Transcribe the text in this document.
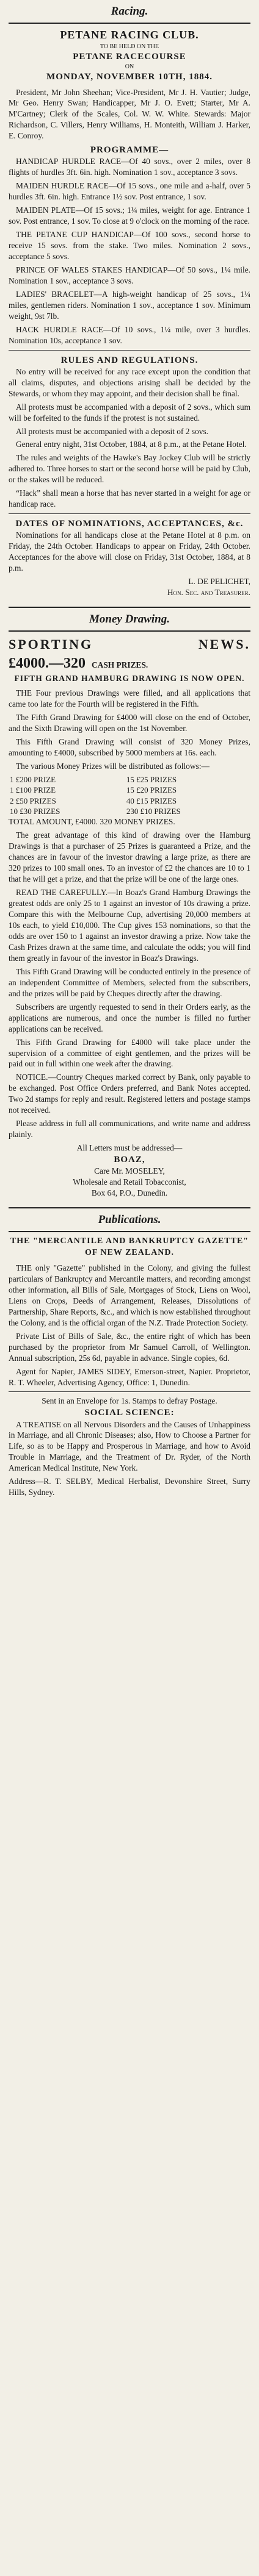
Racing.
PETANE RACING CLUB.
TO BE HELD ON THE
PETANE RACECOURSE
ON
MONDAY, NOVEMBER 10TH, 1884.

President, Mr John Sheehan; Vice-President, Mr J. H. Vautier; Judge, Mr Geo. Henry Swan; Handicapper, Mr J. O. Evett; Starter, Mr A. M'Cartney; Clerk of the Scales, Col. W. W. White. Stewards: Major Richardson, C. Villers, Henry Williams, H. Monteith, William J. Harker, E. Conroy.

PROGRAMME—

HANDICAP HURDLE RACE—Of 40 sovs., over 2 miles, over 8 flights of hurdles 3ft. 6in. high. Nomination 1 sov., acceptance 3 sovs.

MAIDEN HURDLE RACE—Of 15 sovs., one mile and a-half, over 5 hurdles 3ft. 6in. high. Entrance 1½ sov. Post entrance, 1 sov.

MAIDEN PLATE—Of 15 sovs.; 1¼ miles, weight for age. Entrance 1 sov. Post entrance, 1 sov. To close at 9 o'clock on the morning of the race.

THE PETANE CUP HANDICAP—Of 100 sovs., second horse to receive 15 sovs. from the stake. Two miles. Nomination 2 sovs., acceptance 5 sovs.

PRINCE OF WALES STAKES HANDICAP—Of 50 sovs., 1¼ mile. Nomination 1 sov., acceptance 3 sovs.

LADIES' BRACELET—A high-weight handicap of 25 sovs., 1¼ miles, gentlemen riders. Nomination 1 sov., acceptance 1 sov. Minimum weight, 9st 7lb.

HACK HURDLE RACE—Of 10 sovs., 1¼ mile, over 3 hurdles. Nomination 10s, acceptance 1 sov.

RULES AND REGULATIONS.

No entry will be received for any race except upon the condition that all claims, disputes, and objections arising shall be decided by the Stewards, or whom they may appoint, and their decision shall be final.

All protests must be accompanied with a deposit of 2 sovs., which sum will be forfeited to the funds if the protest is not sustained.

All protests must be accompanied with a deposit of 2 sovs.

General entry night, 31st October, 1884, at 8 p.m., at the Petane Hotel.

The rules and weights of the Hawke's Bay Jockey Club will be strictly adhered to. Three horses to start or the second horse will be paid by Club, or the stakes will be reduced.

“Hack” shall mean a horse that has never started in a weight for age or handicap race.

DATES OF NOMINATIONS, ACCEPTANCES, &c.

Nominations for all handicaps close at the Petane Hotel at 8 p.m. on Friday, the 24th October. Handicaps to appear on Friday, 24th October. Acceptances for the above will close on Friday, 31st October, 1884, at 8 p.m.

L. DE PELICHET,
Hon. Sec. and Treasurer.
Money Drawing.
SPORTING	NEWS.
£4000.—320 CASH PRIZES.
FIFTH GRAND HAMBURG DRAWING IS NOW OPEN.

THE Four previous Drawings were filled, and all applications that came too late for the Fourth will be registered in the Fifth.

The Fifth Grand Drawing for £4000 will close on the end of October, and the Sixth Drawing will open on the 1st November.

This Fifth Grand Drawing will consist of 320 Money Prizes, amounting to £4000, subscribed by 5000 members at 16s. each.

The various Money Prizes will be distributed as follows:—

1 £200 PRIZE	15 £25 PRIZES
1 £100 PRIZE	15 £20 PRIZES
2 £50 PRIZES	40 £15 PRIZES
10 £30 PRIZES	230 £10 PRIZES

TOTAL AMOUNT, £4000. 320 MONEY PRIZES.

The great advantage of this kind of drawing over the Hamburg Drawings is that a purchaser of 25 Prizes is guaranteed a Prize, and the chances are in favour of the investor drawing a large prize, as there are 320 prizes to 100 small ones. To an investor of £2 the chances are 10 to 1 that he will get a prize, and that the prize will be one of the large ones.

READ THE CAREFULLY.—In Boaz's Grand Hamburg Drawings the greatest odds are only 25 to 1 against an investor of 10s drawing a prize. Compare this with the Melbourne Cup, advertising 20,000 members at 10s each, to yield £10,000. The Cup gives 153 nominations, so that the odds are over 150 to 1 against an investor drawing a prize. Now take the Cash Prizes drawn at the same time, and calculate the odds; you will find them greatly in favour of the investor in Boaz's Drawings.

This Fifth Grand Drawing will be conducted entirely in the presence of an independent Committee of Members, selected from the subscribers, and the prizes will be paid by Cheques directly after the drawing.

Subscribers are urgently requested to send in their Orders early, as the applications are numerous, and once the number is filled no further applications can be received.

This Fifth Grand Drawing for £4000 will take place under the supervision of a committee of eight gentlemen, and the prizes will be paid out in full within one week after the drawing.

NOTICE.—Country Cheques marked correct by Bank, only payable to be exchanged. Post Office Orders preferred, and Bank Notes accepted. Two 2d stamps for reply and result. Registered letters and postage stamps not received.

Please address in full all communications, and write name and address plainly.

All Letters must be addressed—
BOAZ,
Care Mr. MOSELEY,
Wholesale and Retail Tobacconist,
Box 64, P.O., Dunedin.
Publications.
THE "MERCANTILE AND BANKRUPTCY GAZETTE" OF NEW ZEALAND.

THE only "Gazette" published in the Colony, and giving the fullest particulars of Bankruptcy and Mercantile matters, and recording amongst other information, all Bills of Sale, Mortgages of Stock, Liens on Wool, Liens on Crops, Deeds of Arrangement, Releases, Dissolutions of Partnership, Share Reports, &c., and which is now established throughout the Colony, and is the official organ of the N.Z. Trade Protection Society.

Private List of Bills of Sale, &c., the entire right of which has been purchased by the proprietor from Mr Samuel Carroll, of Wellington. Annual subscription, 25s 6d, payable in advance. Single copies, 6d.

Agent for Napier, JAMES SIDEY, Emerson-street, Napier. Proprietor, R. T. Wheeler, Advertising Agency, Office: 1, Dunedin.

Sent in an Envelope for 1s. Stamps to defray Postage.
SOCIAL SCIENCE:

A TREATISE on all Nervous Disorders and the Causes of Unhappiness in Marriage, and all Chronic Diseases; also, How to Choose a Partner for Life, so as to be Happy and Prosperous in Marriage, and how to Avoid Trouble in Marriage, and the Treatment of Dr. Ryder, of the North American Medical Institute, New York.

Address—R. T. SELBY, Medical Herbalist, Devonshire Street, Surry Hills, Sydney.
